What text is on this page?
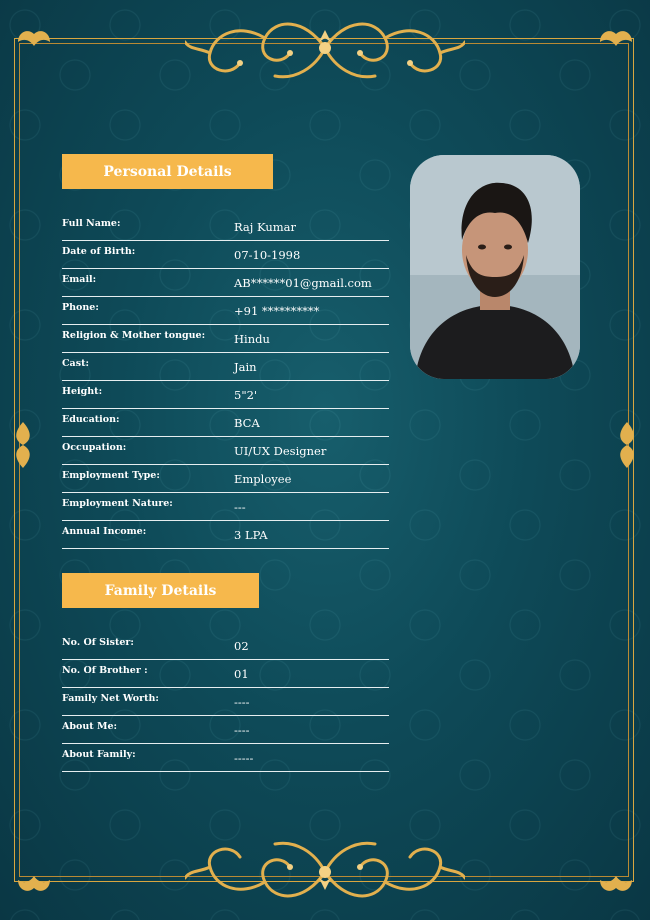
Personal Details
Full Name:	Raj Kumar
Date of Birth:	07-10-1998
Email:	AB******01@gmail.com
Phone:	+91 **********
Religion & Mother tongue:	Hindu
Cast:	Jain
Height:	5"2'
Education:	BCA
Occupation:	UI/UX Designer
Employment Type:	Employee
Employment Nature:	---
Annual Income:	3 LPA
Family Details
No. Of Sister:	02
No. Of Brother :	01
Family Net Worth:	----
About Me:	----
About Family:	-----
